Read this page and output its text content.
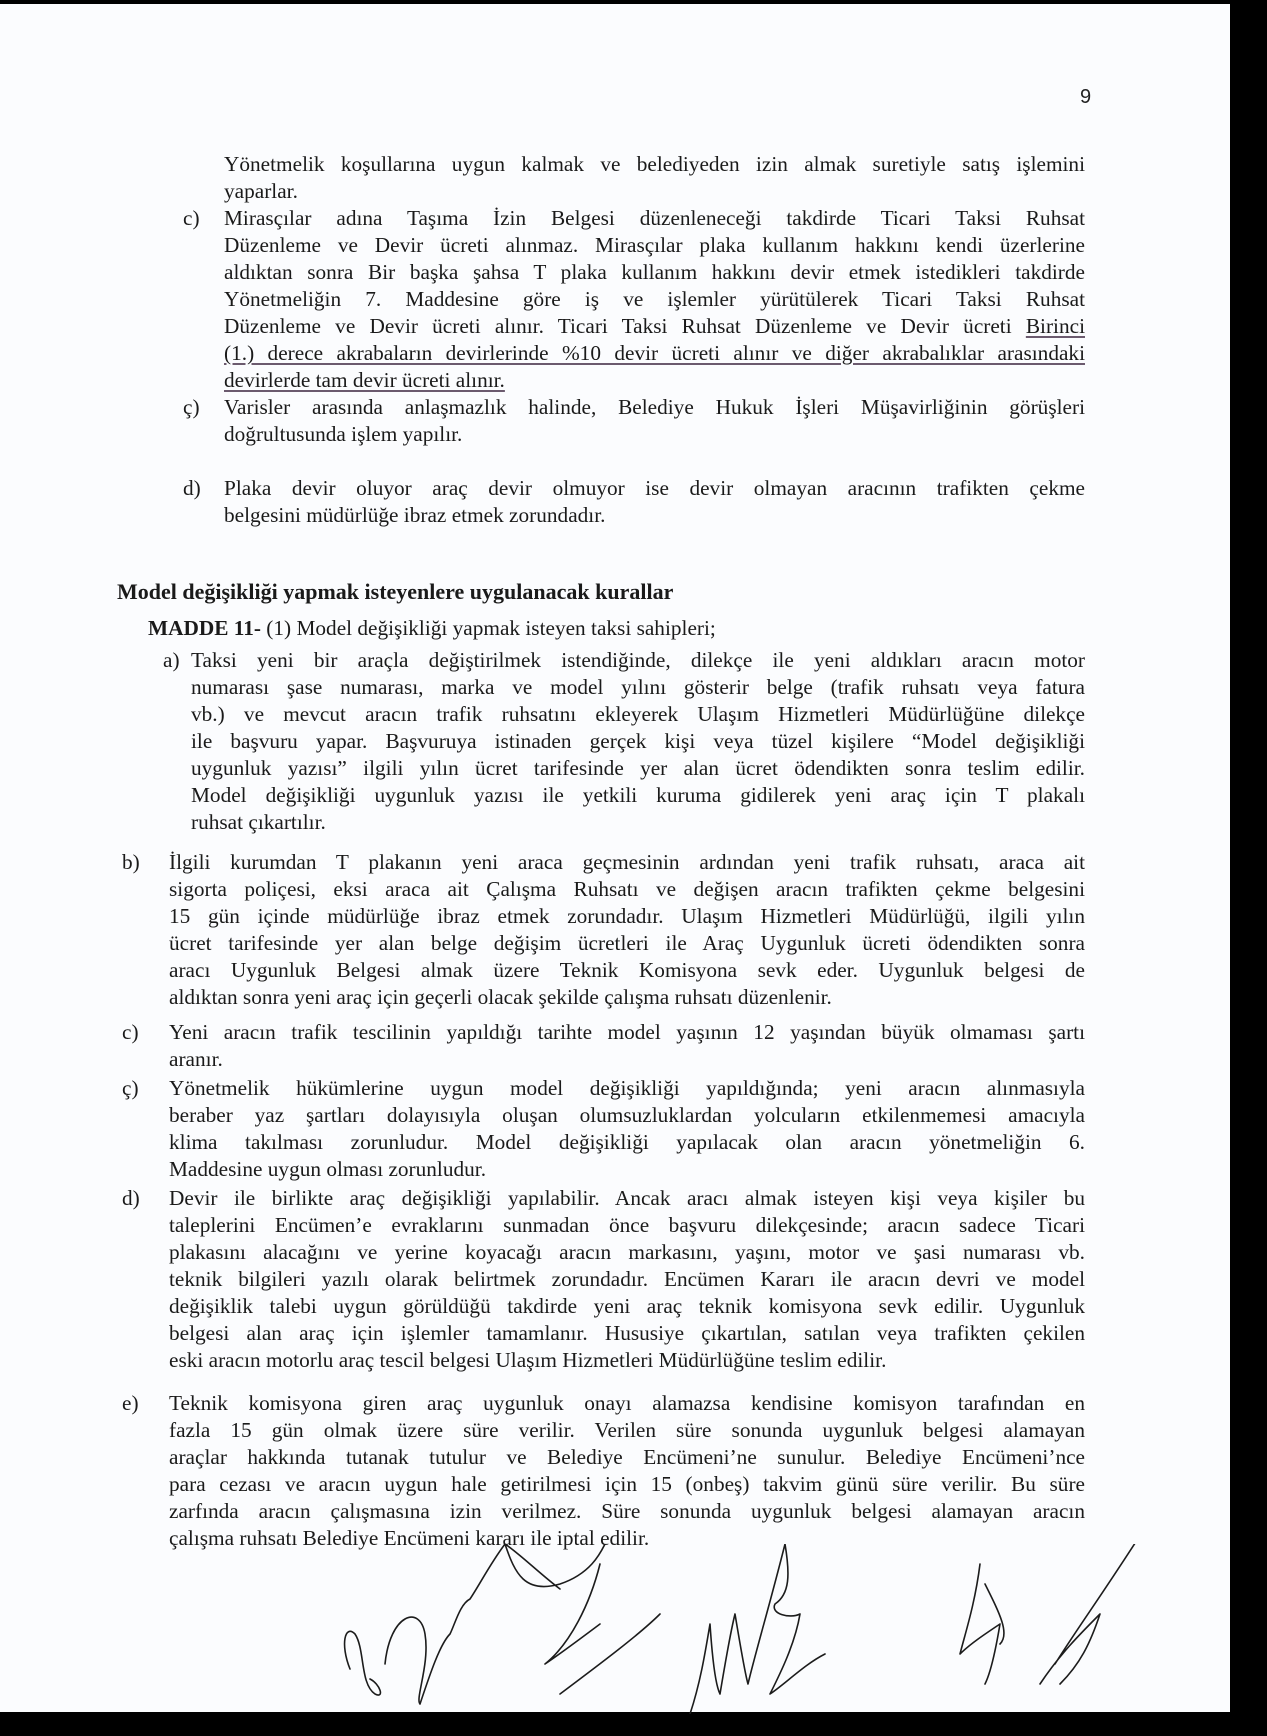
9
Yönetmelik koşullarına uygun kalmak ve belediyeden izin almak suretiyle satış işlemini
yaparlar.
c) Mirasçılar adına Taşıma İzin Belgesi düzenleneceği takdirde Ticari Taksi Ruhsat
Düzenleme ve Devir ücreti alınmaz. Mirasçılar plaka kullanım hakkını kendi üzerlerine
aldıktan sonra Bir başka şahsa T plaka kullanım hakkını devir etmek istedikleri takdirde
Yönetmeliğin 7. Maddesine göre iş ve işlemler yürütülerek Ticari Taksi Ruhsat
Düzenleme ve Devir ücreti alınır. Ticari Taksi Ruhsat Düzenleme ve Devir ücreti Birinci
(1.) derece akrabaların devirlerinde %10 devir ücreti alınır ve diğer akrabalıklar arasındaki
devirlerde tam devir ücreti alınır.
ç) Varisler arasında anlaşmazlık halinde, Belediye Hukuk İşleri Müşavirliğinin görüşleri
doğrultusunda işlem yapılır.
d) Plaka devir oluyor araç devir olmuyor ise devir olmayan aracının trafikten çekme
belgesini müdürlüğe ibraz etmek zorundadır.
Model değişikliği yapmak isteyenlere uygulanacak kurallar
MADDE 11- (1) Model değişikliği yapmak isteyen taksi sahipleri;
a) Taksi yeni bir araçla değiştirilmek istendiğinde, dilekçe ile yeni aldıkları aracın motor
numarası şase numarası, marka ve model yılını gösterir belge (trafik ruhsatı veya fatura
vb.) ve mevcut aracın trafik ruhsatını ekleyerek Ulaşım Hizmetleri Müdürlüğüne dilekçe
ile başvuru yapar. Başvuruya istinaden gerçek kişi veya tüzel kişilere “Model değişikliği
uygunluk yazısı” ilgili yılın ücret tarifesinde yer alan ücret ödendikten sonra teslim edilir.
Model değişikliği uygunluk yazısı ile yetkili kuruma gidilerek yeni araç için T plakalı
ruhsat çıkartılır.
b) İlgili kurumdan T plakanın yeni araca geçmesinin ardından yeni trafik ruhsatı, araca ait
sigorta poliçesi, eksi araca ait Çalışma Ruhsatı ve değişen aracın trafikten çekme belgesini
15 gün içinde müdürlüğe ibraz etmek zorundadır. Ulaşım Hizmetleri Müdürlüğü, ilgili yılın
ücret tarifesinde yer alan belge değişim ücretleri ile Araç Uygunluk ücreti ödendikten sonra
aracı Uygunluk Belgesi almak üzere Teknik Komisyona sevk eder. Uygunluk belgesi de
aldıktan sonra yeni araç için geçerli olacak şekilde çalışma ruhsatı düzenlenir.
c) Yeni aracın trafik tescilinin yapıldığı tarihte model yaşının 12 yaşından büyük olmaması şartı
aranır.
ç) Yönetmelik hükümlerine uygun model değişikliği yapıldığında; yeni aracın alınmasıyla
beraber yaz şartları dolayısıyla oluşan olumsuzluklardan yolcuların etkilenmemesi amacıyla
klima takılması zorunludur. Model değişikliği yapılacak olan aracın yönetmeliğin 6.
Maddesine uygun olması zorunludur.
d) Devir ile birlikte araç değişikliği yapılabilir. Ancak aracı almak isteyen kişi veya kişiler bu
taleplerini Encümen’e evraklarını sunmadan önce başvuru dilekçesinde; aracın sadece Ticari
plakasını alacağını ve yerine koyacağı aracın markasını, yaşını, motor ve şasi numarası vb.
teknik bilgileri yazılı olarak belirtmek zorundadır. Encümen Kararı ile aracın devri ve model
değişiklik talebi uygun görüldüğü takdirde yeni araç teknik komisyona sevk edilir. Uygunluk
belgesi alan araç için işlemler tamamlanır. Hususiye çıkartılan, satılan veya trafikten çekilen
eski aracın motorlu araç tescil belgesi Ulaşım Hizmetleri Müdürlüğüne teslim edilir.
e) Teknik komisyona giren araç uygunluk onayı alamazsa kendisine komisyon tarafından en
fazla 15 gün olmak üzere süre verilir. Verilen süre sonunda uygunluk belgesi alamayan
araçlar hakkında tutanak tutulur ve Belediye Encümeni’ne sunulur. Belediye Encümeni’nce
para cezası ve aracın uygun hale getirilmesi için 15 (onbeş) takvim günü süre verilir. Bu süre
zarfında aracın çalışmasına izin verilmez. Süre sonunda uygunluk belgesi alamayan aracın
çalışma ruhsatı Belediye Encümeni kararı ile iptal edilir.
